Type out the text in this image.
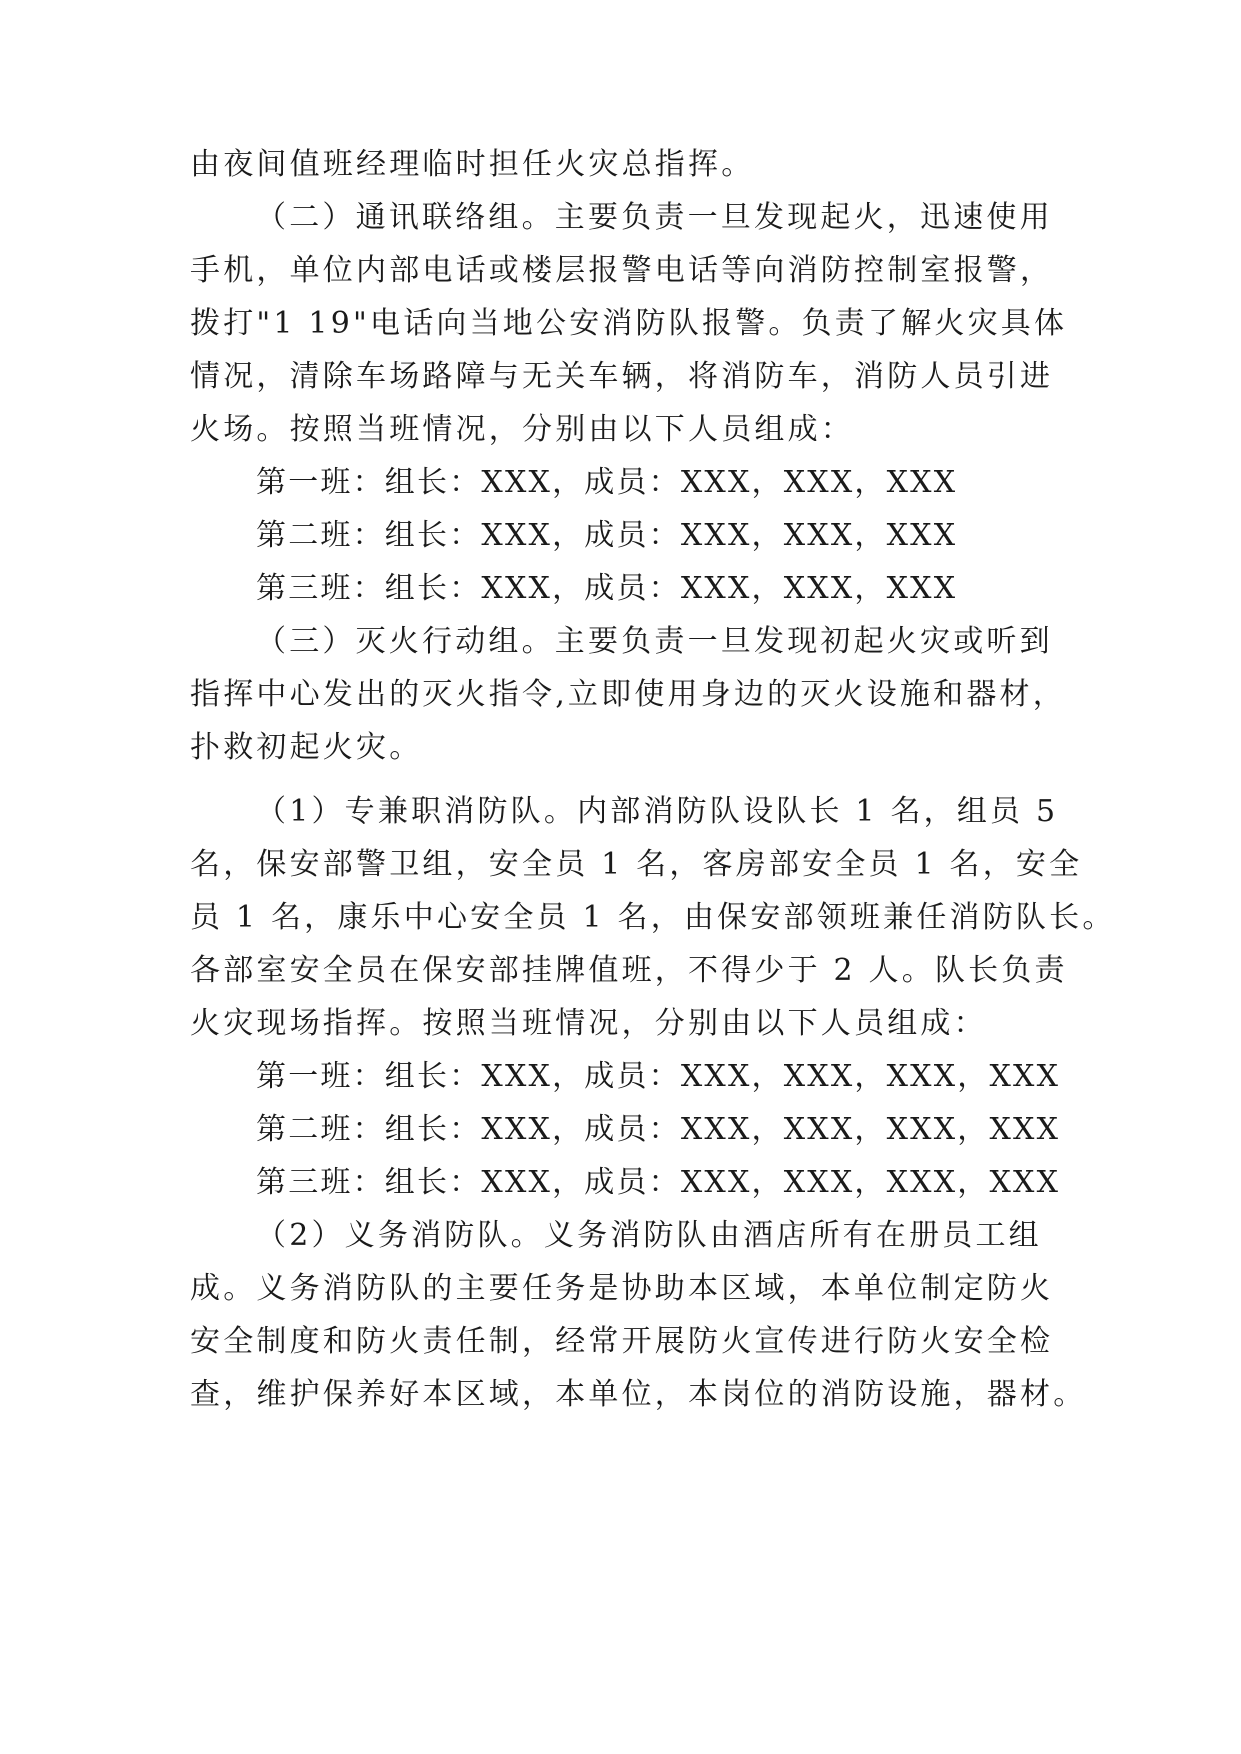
由夜间值班经理临时担任火灾总指挥。
（二）通讯联络组。主要负责一旦发现起火，迅速使用
手机，单位内部电话或楼层报警电话等向消防控制室报警，
拨打"1 19"电话向当地公安消防队报警。负责了解火灾具体
情况，清除车场路障与无关车辆，将消防车，消防人员引进
火场。按照当班情况，分别由以下人员组成：
第一班：组长：XXX，成员：XXX，XXX，XXX
第二班：组长：XXX，成员：XXX，XXX，XXX
第三班：组长：XXX，成员：XXX，XXX，XXX
（三）灭火行动组。主要负责一旦发现初起火灾或听到
指挥中心发出的灭火指令,立即使用身边的灭火设施和器材，
扑救初起火灾。
（1）专兼职消防队。内部消防队设队长 1 名，组员 5
名，保安部警卫组，安全员 1 名，客房部安全员 1 名，安全
员 1 名，康乐中心安全员 1 名，由保安部领班兼任消防队长。
各部室安全员在保安部挂牌值班，不得少于 2 人。队长负责
火灾现场指挥。按照当班情况，分别由以下人员组成：
第一班：组长：XXX，成员：XXX，XXX，XXX，XXX
第二班：组长：XXX，成员：XXX，XXX，XXX，XXX
第三班：组长：XXX，成员：XXX，XXX，XXX，XXX
（2）义务消防队。义务消防队由酒店所有在册员工组
成。义务消防队的主要任务是协助本区域，本单位制定防火
安全制度和防火责任制，经常开展防火宣传进行防火安全检
查，维护保养好本区域，本单位，本岗位的消防设施，器材。
